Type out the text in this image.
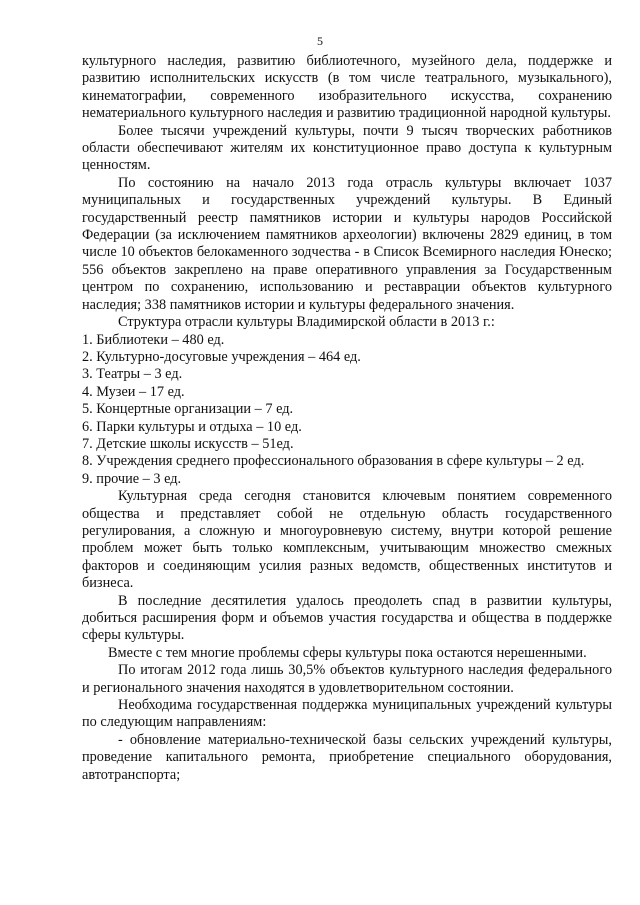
5

культурного наследия, развитию библиотечного, музейного дела, поддержке и развитию исполнительских искусств (в том числе театрального, музыкального), кинематографии, современного изобразительного искусства, сохранению нематериального культурного наследия и развитию традиционной народной культуры.

Более тысячи учреждений культуры, почти 9 тысяч творческих работников области обеспечивают жителям их конституционное право доступа к культурным ценностям.

По состоянию на начало 2013 года отрасль культуры включает 1037 муниципальных и государственных учреждений культуры. В Единый государственный реестр памятников истории и культуры народов Российской Федерации (за исключением памятников археологии) включены 2829 единиц, в том числе 10 объектов белокаменного зодчества - в Список Всемирного наследия Юнеско; 556 объектов закреплено на праве оперативного управления за Государственным центром по сохранению, использованию и реставрации объектов культурного наследия; 338 памятников истории и культуры федерального значения.

Структура отрасли культуры Владимирской области в 2013 г.:

1. Библиотеки – 480 ед.
2. Культурно-досуговые учреждения – 464 ед.
3. Театры – 3 ед.
4. Музеи – 17 ед.
5. Концертные организации – 7 ед.
6. Парки культуры и отдыха – 10 ед.
7. Детские школы искусств – 51ед.
8. Учреждения среднего профессионального образования в сфере культуры – 2 ед.
9. прочие – 3 ед.

Культурная среда сегодня становится ключевым понятием современного общества и представляет собой не отдельную область государственного регулирования, а сложную и многоуровневую систему, внутри которой решение проблем может быть только комплексным, учитывающим множество смежных факторов и соединяющим усилия разных ведомств, общественных институтов и бизнеса.

В последние десятилетия удалось преодолеть спад в развитии культуры, добиться расширения форм и объемов участия государства и общества в поддержке сферы культуры.

Вместе с тем многие проблемы сферы культуры пока остаются нерешенными.

По итогам 2012 года лишь 30,5% объектов культурного наследия федерального и регионального значения находятся в удовлетворительном состоянии.

Необходима государственная поддержка муниципальных учреждений культуры по следующим направлениям:

- обновление материально-технической базы сельских учреждений культуры, проведение капитального ремонта, приобретение специального оборудования, автотранспорта;
